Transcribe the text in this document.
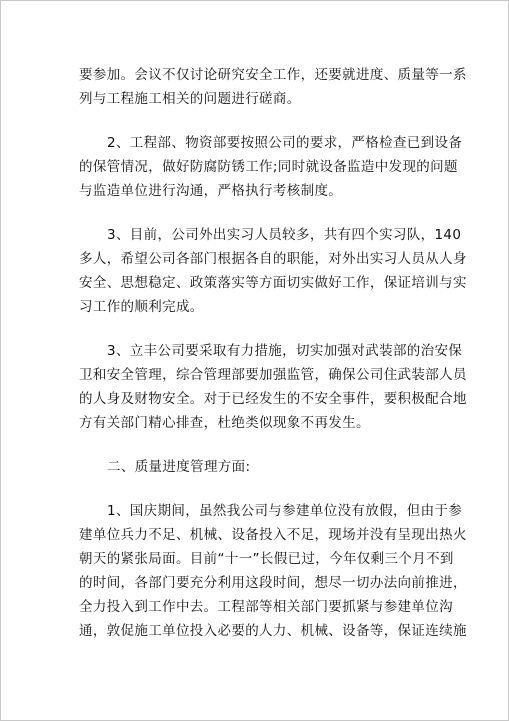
要参加。会议不仅讨论研究安全工作，还要就进度、质量等一系
列与工程施工相关的问题进行磋商。

2、工程部、物资部要按照公司的要求，严格检查已到设备
的保管情况，做好防腐防锈工作;同时就设备监造中发现的问题
与监造单位进行沟通，严格执行考核制度。

3、目前，公司外出实习人员较多，共有四个实习队，140
多人，希望公司各部门根据各自的职能，对外出实习人员从人身
安全、思想稳定、政策落实等方面切实做好工作，保证培训与实
习工作的顺利完成。

3、立丰公司要采取有力措施，切实加强对武装部的治安保
卫和安全管理，综合管理部要加强监管，确保公司住武装部人员
的人身及财物安全。对于已经发生的不安全事件，要积极配合地
方有关部门精心排查，杜绝类似现象不再发生。

二、质量进度管理方面:

1、国庆期间，虽然我公司与参建单位没有放假，但由于参
建单位兵力不足、机械、设备投入不足，现场并没有呈现出热火
朝天的紧张局面。目前“十一”长假已过，今年仅剩三个月不到
的时间，各部门要充分利用这段时间，想尽一切办法向前推进，
全力投入到工作中去。工程部等相关部门要抓紧与参建单位沟
通，敦促施工单位投入必要的人力、机械、设备等，保证连续施
